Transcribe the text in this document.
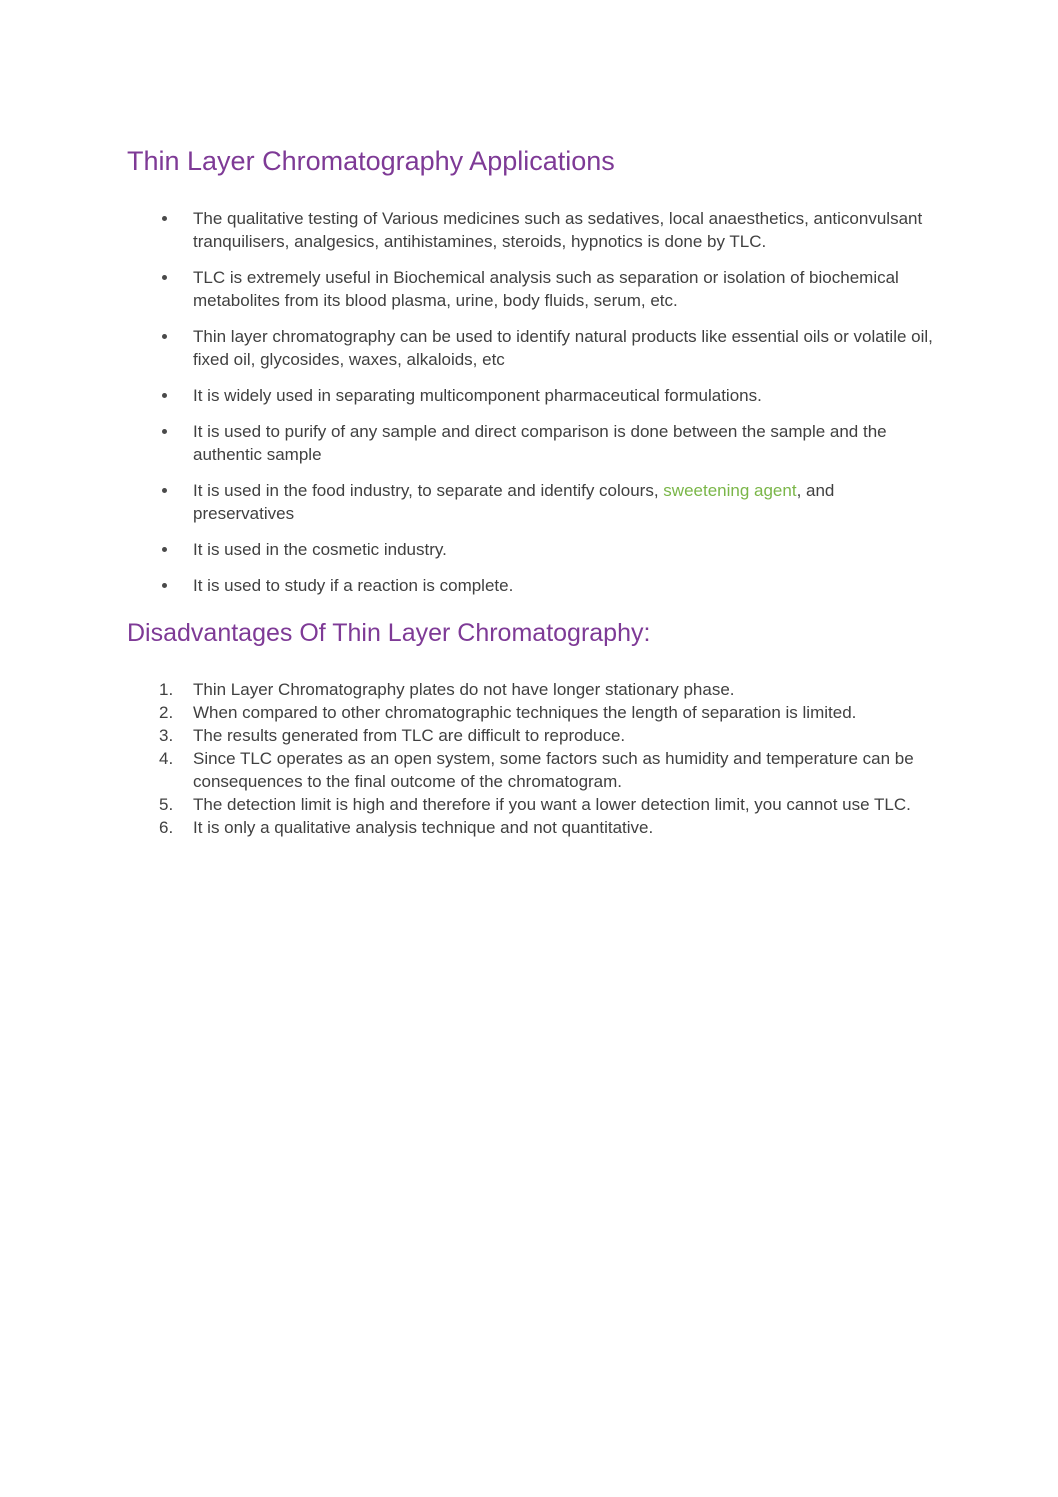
Thin Layer Chromatography Applications
The qualitative testing of Various medicines such as sedatives, local anaesthetics, anticonvulsant tranquilisers, analgesics, antihistamines, steroids, hypnotics is done by TLC.
TLC is extremely useful in Biochemical analysis such as separation or isolation of biochemical metabolites from its blood plasma, urine, body fluids, serum, etc.
Thin layer chromatography can be used to identify natural products like essential oils or volatile oil, fixed oil, glycosides, waxes, alkaloids, etc
It is widely used in separating multicomponent pharmaceutical formulations.
It is used to purify of any sample and direct comparison is done between the sample and the authentic sample
It is used in the food industry, to separate and identify colours, sweetening agent, and preservatives
It is used in the cosmetic industry.
It is used to study if a reaction is complete.
Disadvantages Of Thin Layer Chromatography:
Thin Layer Chromatography plates do not have longer stationary phase.
When compared to other chromatographic techniques the length of separation is limited.
The results generated from TLC are difficult to reproduce.
Since TLC operates as an open system, some factors such as humidity and temperature can be consequences to the final outcome of the chromatogram.
The detection limit is high and therefore if you want a lower detection limit, you cannot use TLC.
It is only a qualitative analysis technique and not quantitative.
